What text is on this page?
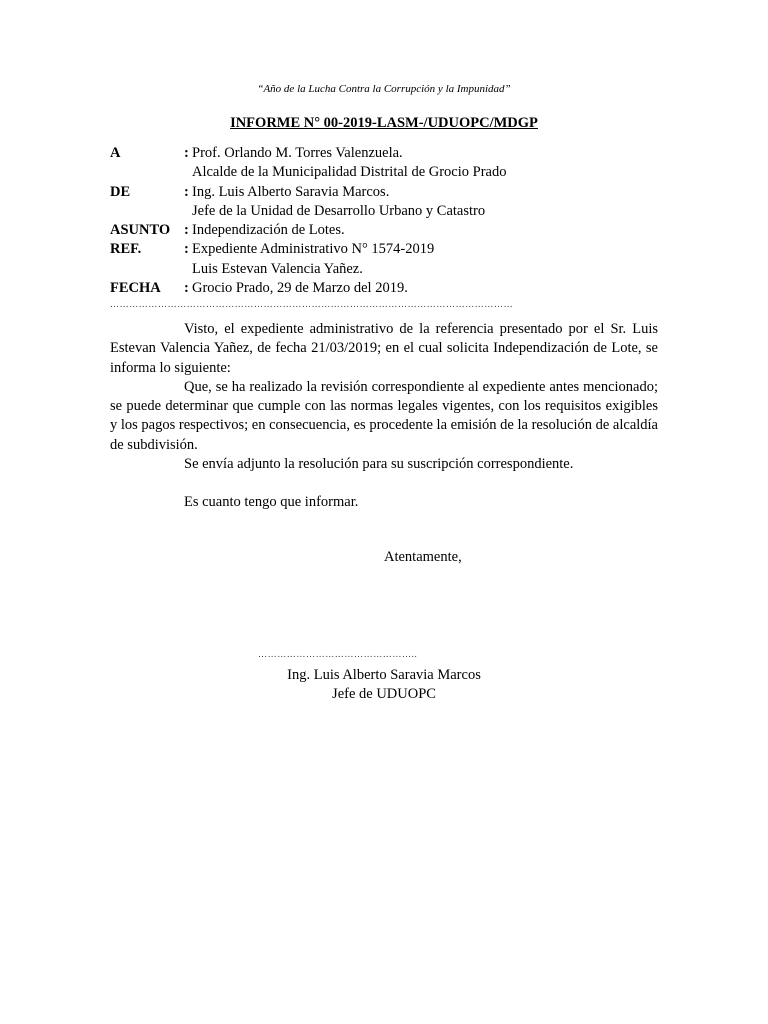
“Año de la Lucha Contra la Corrupción y la Impunidad”
INFORME N° 00-2019-LASM-/UDUOPC/MDGP
A	: Prof. Orlando M. Torres Valenzuela.
Alcalde de la Municipalidad Distrital de Grocio Prado
DE	: Ing. Luis Alberto Saravia Marcos.
Jefe de la Unidad de Desarrollo Urbano y Catastro
ASUNTO : Independización de Lotes.
REF.	: Expediente Administrativo N° 1574-2019
Luis Estevan Valencia Yañez.
FECHA	: Grocio Prado, 29 de Marzo del 2019.
………………………………………………………………………………………………………………

Visto, el expediente administrativo de la referencia presentado por el Sr. Luis Estevan Valencia Yañez, de fecha 21/03/2019; en el cual solicita Independización de Lote, se informa lo siguiente:

Que, se ha realizado la revisión correspondiente al expediente antes mencionado; se puede determinar que cumple con las normas legales vigentes, con los requisitos exigibles y los pagos respectivos; en consecuencia, es procedente la emisión de la resolución de alcaldía de subdivisión.

Se envía adjunto la resolución para su suscripción correspondiente.

Es cuanto tengo que informar.

Atentamente,
…………………………………………..
Ing. Luis Alberto Saravia Marcos
Jefe de UDUOPC
